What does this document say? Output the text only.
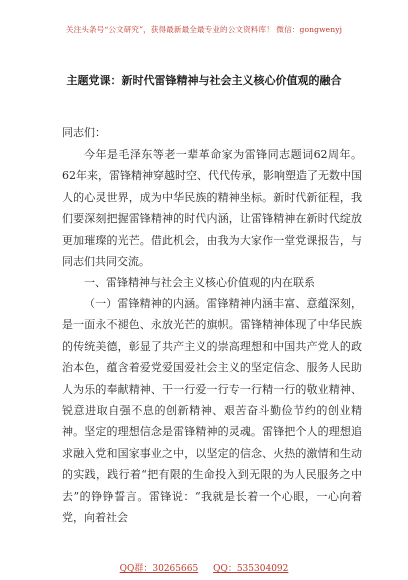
关注头条号“公文研究”，获得最新最全最专业的公文资料库！ 微信：gongwenyj
主题党课：新时代雷锋精神与社会主义核心价值观的融合
同志们：

今年是毛泽东等老一辈革命家为雷锋同志题词62周年。62年来，雷锋精神穿越时空、代代传承，影响塑造了无数中国人的心灵世界，成为中华民族的精神坐标。新时代新征程，我们要深刻把握雷锋精神的时代内涵，让雷锋精神在新时代绽放更加璀璨的光芒。借此机会，由我为大家作一堂党课报告，与同志们共同交流。

一、雷锋精神与社会主义核心价值观的内在联系

（一）雷锋精神的内涵。雷锋精神内涵丰富、意蕴深刻，是一面永不褪色、永放光芒的旗帜。雷锋精神体现了中华民族的传统美德，彰显了共产主义的崇高理想和中国共产党人的政治本色，蕴含着爱党爱国爱社会主义的坚定信念、服务人民助人为乐的奉献精神、干一行爱一行专一行精一行的敬业精神、锐意进取自强不息的创新精神、艰苦奋斗勤俭节约的创业精神。坚定的理想信念是雷锋精神的灵魂。雷锋把个人的理想追求融入党和国家事业之中，以坚定的信念、火热的激情和生动的实践，践行着“把有限的生命投入到无限的为人民服务之中去”的铮铮誓言。雷锋说：“我就是长着一个心眼，一心向着党，向着社会

QQ群：30265665 QQ：535304092
